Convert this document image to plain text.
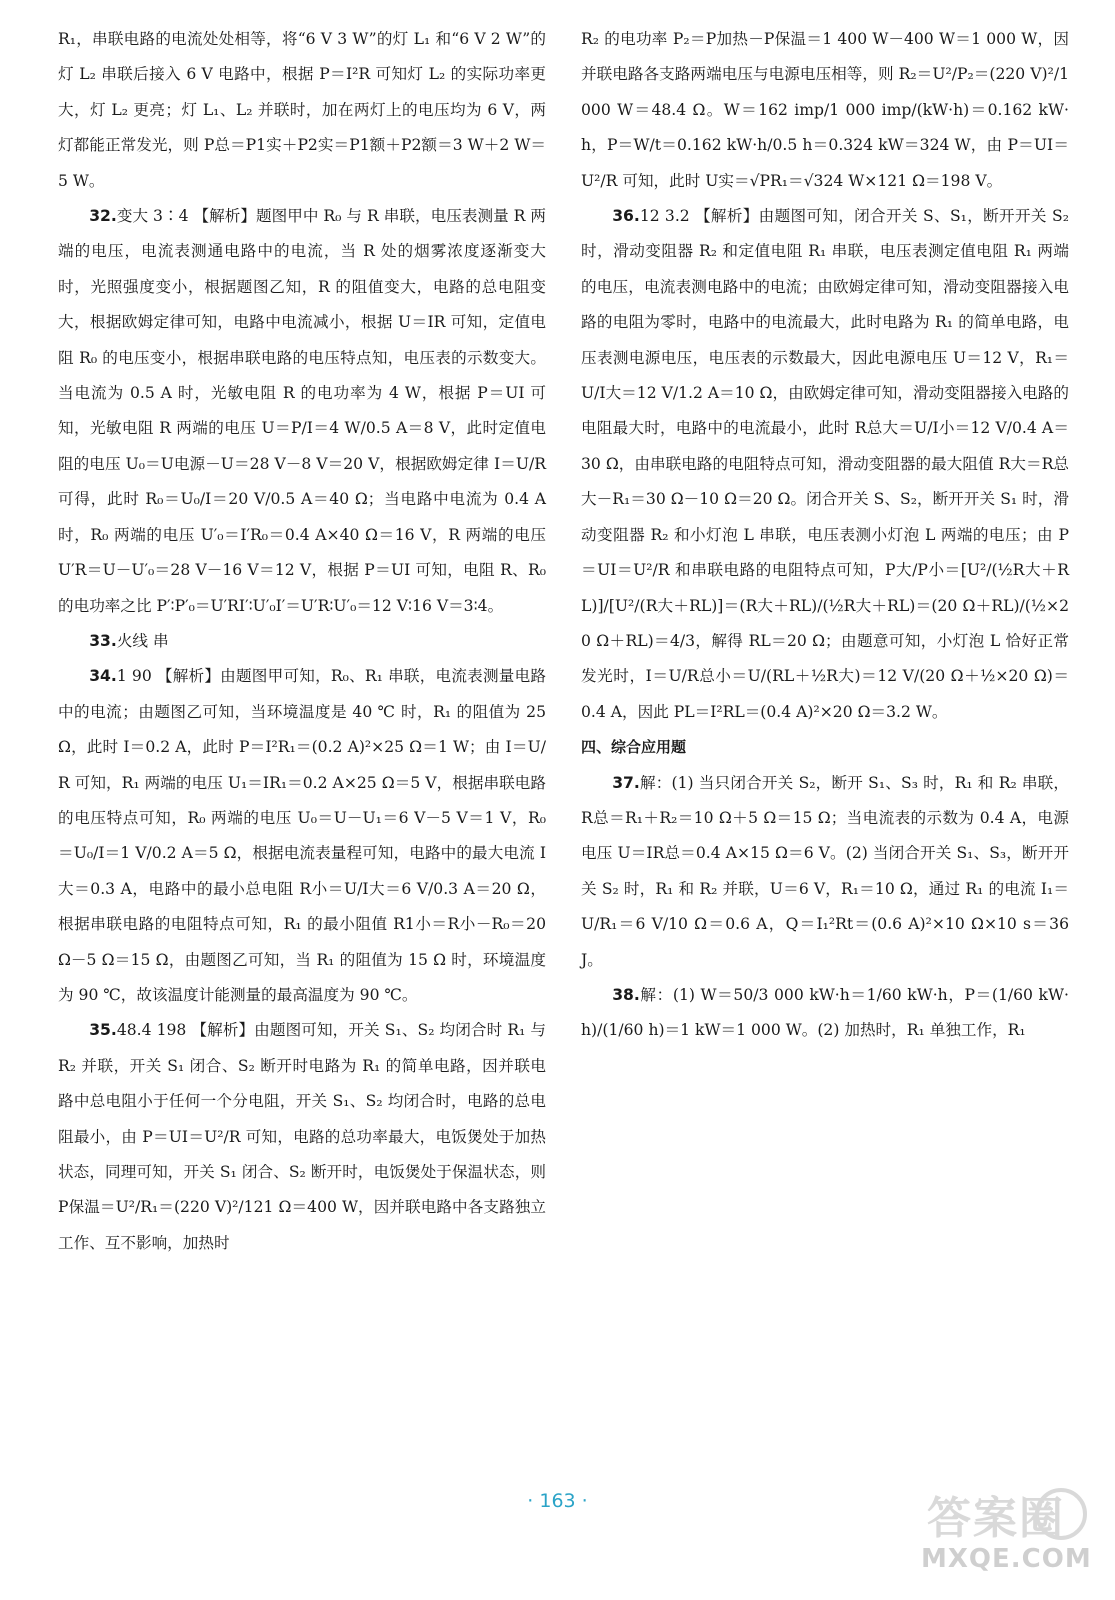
R₁，串联电路的电流处处相等，将“6 V 3 W”的灯 L₁ 和“6 V 2 W”的灯 L₂ 串联后接入 6 V 电路中，根据 P＝I²R 可知灯 L₂ 的实际功率更大，灯 L₂ 更亮；灯 L₁、L₂ 并联时，加在两灯上的电压均为 6 V，两灯都能正常发光，则 P总＝P1实＋P2实＝P1额＋P2额＝3 W＋2 W＝5 W。

32.变大 3∶4 【解析】题图甲中 R₀ 与 R 串联，电压表测量 R 两端的电压，电流表测通电路中的电流，当 R 处的烟雾浓度逐渐变大时，光照强度变小，根据题图乙知，R 的阻值变大，电路的总电阻变大，根据欧姆定律可知，电路中电流减小，根据 U＝IR 可知，定值电阻 R₀ 的电压变小，根据串联电路的电压特点知，电压表的示数变大。当电流为 0.5 A 时，光敏电阻 R 的电功率为 4 W，根据 P＝UI 可知，光敏电阻 R 两端的电压 U＝P/I＝4 W/0.5 A＝8 V，此时定值电阻的电压 U₀＝U电源－U＝28 V－8 V＝20 V，根据欧姆定律 I＝U/R 可得，此时 R₀＝U₀/I＝20 V/0.5 A＝40 Ω；当电路中电流为 0.4 A 时，R₀ 两端的电压 U′₀＝I′R₀＝0.4 A×40 Ω＝16 V，R 两端的电压 U′R＝U－U′₀＝28 V－16 V＝12 V，根据 P＝UI 可知，电阻 R、R₀ 的电功率之比 P′∶P′₀＝U′RI′∶U′₀I′＝U′R∶U′₀＝12 V∶16 V＝3∶4。

33.火线 串

34.1 90 【解析】由题图甲可知，R₀、R₁ 串联，电流表测量电路中的电流；由题图乙可知，当环境温度是 40 ℃ 时，R₁ 的阻值为 25 Ω，此时 I＝0.2 A，此时 P＝I²R₁＝(0.2 A)²×25 Ω＝1 W；由 I＝U/R 可知，R₁ 两端的电压 U₁＝IR₁＝0.2 A×25 Ω＝5 V，根据串联电路的电压特点可知，R₀ 两端的电压 U₀＝U－U₁＝6 V－5 V＝1 V，R₀＝U₀/I＝1 V/0.2 A＝5 Ω，根据电流表量程可知，电路中的最大电流 I大＝0.3 A，电路中的最小总电阻 R小＝U/I大＝6 V/0.3 A＝20 Ω，根据串联电路的电阻特点可知，R₁ 的最小阻值 R1小＝R小－R₀＝20 Ω－5 Ω＝15 Ω，由题图乙可知，当 R₁ 的阻值为 15 Ω 时，环境温度为 90 ℃，故该温度计能测量的最高温度为 90 ℃。

35.48.4 198 【解析】由题图可知，开关 S₁、S₂ 均闭合时 R₁ 与 R₂ 并联，开关 S₁ 闭合、S₂ 断开时电路为 R₁ 的简单电路，因并联电路中总电阻小于任何一个分电阻，开关 S₁、S₂ 均闭合时，电路的总电阻最小，由 P＝UI＝U²/R 可知，电路的总功率最大，电饭煲处于加热状态，同理可知，开关 S₁ 闭合、S₂ 断开时，电饭煲处于保温状态，则 P保温＝U²/R₁＝(220 V)²/121 Ω＝400 W，因并联电路中各支路独立工作、互不影响，加热时

R₂ 的电功率 P₂＝P加热－P保温＝1 400 W－400 W＝1 000 W，因并联电路各支路两端电压与电源电压相等，则 R₂＝U²/P₂＝(220 V)²/1 000 W＝48.4 Ω。W＝162 imp/1 000 imp/(kW·h)＝0.162 kW·h，P＝W/t＝0.162 kW·h/0.5 h＝0.324 kW＝324 W，由 P＝UI＝U²/R 可知，此时 U实＝√PR₁＝√324 W×121 Ω＝198 V。

36.12 3.2 【解析】由题图可知，闭合开关 S、S₁，断开开关 S₂ 时，滑动变阻器 R₂ 和定值电阻 R₁ 串联，电压表测定值电阻 R₁ 两端的电压，电流表测电路中的电流；由欧姆定律可知，滑动变阻器接入电路的电阻为零时，电路中的电流最大，此时电路为 R₁ 的简单电路，电压表测电源电压，电压表的示数最大，因此电源电压 U＝12 V，R₁＝U/I大＝12 V/1.2 A＝10 Ω，由欧姆定律可知，滑动变阻器接入电路的电阻最大时，电路中的电流最小，此时 R总大＝U/I小＝12 V/0.4 A＝30 Ω，由串联电路的电阻特点可知，滑动变阻器的最大阻值 R大＝R总大－R₁＝30 Ω－10 Ω＝20 Ω。闭合开关 S、S₂，断开开关 S₁ 时，滑动变阻器 R₂ 和小灯泡 L 串联，电压表测小灯泡 L 两端的电压；由 P＝UI＝U²/R 和串联电路的电阻特点可知，P大/P小＝[U²/(½R大＋RL)]/[U²/(R大＋RL)]＝(R大＋RL)/(½R大＋RL)＝(20 Ω＋RL)/(½×20 Ω＋RL)＝4/3，解得 RL＝20 Ω；由题意可知，小灯泡 L 恰好正常发光时，I＝U/R总小＝U/(RL＋½R大)＝12 V/(20 Ω＋½×20 Ω)＝0.4 A，因此 PL＝I²RL＝(0.4 A)²×20 Ω＝3.2 W。

四、综合应用题

37.解：(1) 当只闭合开关 S₂，断开 S₁、S₃ 时，R₁ 和 R₂ 串联，R总＝R₁＋R₂＝10 Ω＋5 Ω＝15 Ω；当电流表的示数为 0.4 A，电源电压 U＝IR总＝0.4 A×15 Ω＝6 V。(2) 当闭合开关 S₁、S₃，断开开关 S₂ 时，R₁ 和 R₂ 并联，U＝6 V，R₁＝10 Ω，通过 R₁ 的电流 I₁＝U/R₁＝6 V/10 Ω＝0.6 A，Q＝I₁²Rt＝(0.6 A)²×10 Ω×10 s＝36 J。

38.解：(1) W＝50/3 000 kW·h＝1/60 kW·h，P＝(1/60 kW·h)/(1/60 h)＝1 kW＝1 000 W。(2) 加热时，R₁ 单独工作，R₁

· 163 ·	答案圈
MXQE.COM
